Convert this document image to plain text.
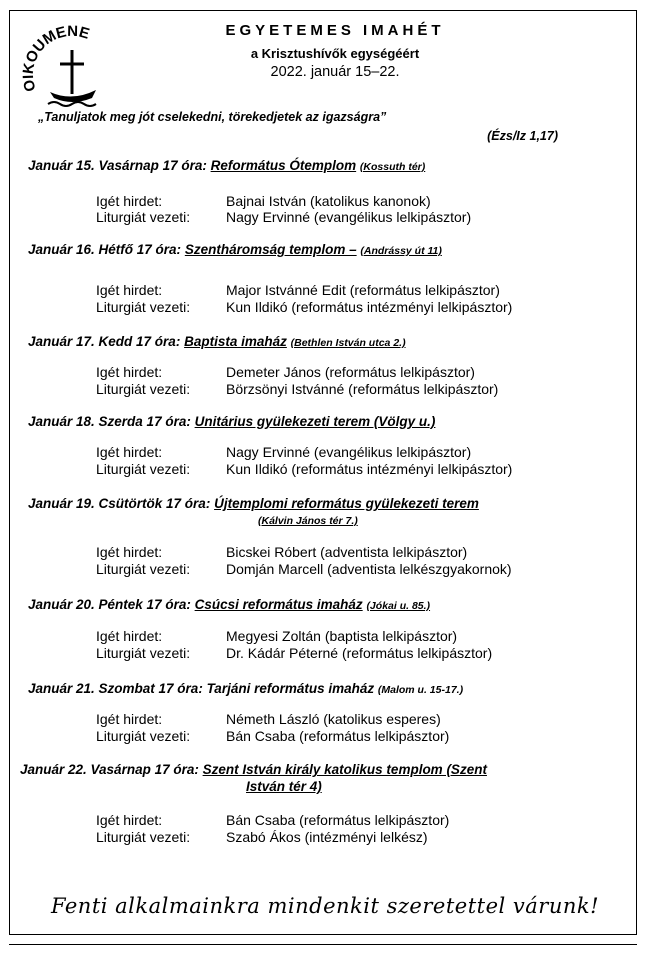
OIKOUMENE	EGYETEMES IMAHÉT
a Krisztushívők egységéért
2022. január 15–22.
„Tanuljatok meg jót cselekedni, törekedjetek az igazságra”
(Ézs/Iz 1,17)
Január 15. Vasárnap 17 óra: Református Ótemplom (Kossuth tér)
Igét hirdet:	Bajnai István (katolikus kanonok)
Liturgiát vezeti:	Nagy Ervinné (evangélikus lelkipásztor)
Január 16. Hétfő 17 óra: Szentháromság templom – (Andrássy út 11)
Igét hirdet:	Major Istvánné Edit (református lelkipásztor)
Liturgiát vezeti:	Kun Ildikó (református intézményi lelkipásztor)
Január 17. Kedd 17 óra: Baptista imaház (Bethlen István utca 2.)
Igét hirdet:	Demeter János (református lelkipásztor)
Liturgiát vezeti:	Börzsönyi Istvánné (református lelkipásztor)
Január 18. Szerda 17 óra: Unitárius gyülekezeti terem (Völgy u.)
Igét hirdet:	Nagy Ervinné (evangélikus lelkipásztor)
Liturgiát vezeti:	Kun Ildikó (református intézményi lelkipásztor)
Január 19. Csütörtök 17 óra: Újtemplomi református gyülekezeti terem
(Kálvin János tér 7.)
Igét hirdet:	Bicskei Róbert (adventista lelkipásztor)
Liturgiát vezeti:	Domján Marcell (adventista lelkészgyakornok)
Január 20. Péntek 17 óra: Csúcsi református imaház (Jókai u. 85.)
Igét hirdet:	Megyesi Zoltán (baptista lelkipásztor)
Liturgiát vezeti:	Dr. Kádár Péterné (református lelkipásztor)
Január 21. Szombat 17 óra: Tarjáni református imaház (Malom u. 15-17.)
Igét hirdet:	Németh László (katolikus esperes)
Liturgiát vezeti:	Bán Csaba (református lelkipásztor)
Január 22. Vasárnap 17 óra: Szent István király katolikus templom (Szent
István tér 4)
Igét hirdet:	Bán Csaba (református lelkipásztor)
Liturgiát vezeti:	Szabó Ákos (intézményi lelkész)
Fenti alkalmainkra mindenkit szeretettel várunk!
